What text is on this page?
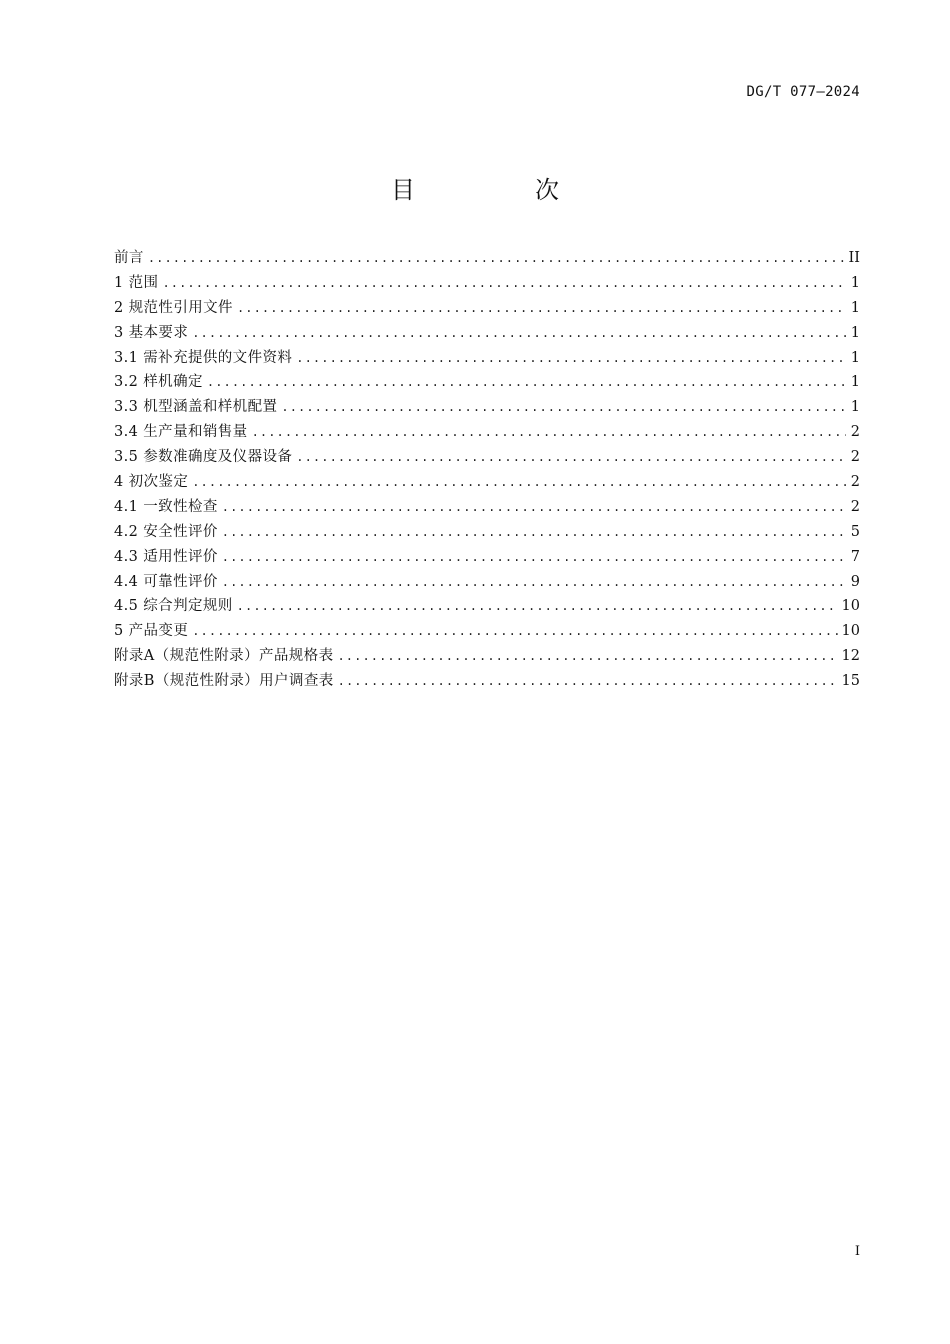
DG/T 077—2024
目　次
前言 .....	II
1 范围 .....	1
2 规范性引用文件 .....	1
3 基本要求 .....	1
3.1 需补充提供的文件资料 .....	1
3.2 样机确定 .....	1
3.3 机型涵盖和样机配置 .....	1
3.4 生产量和销售量 .....	2
3.5 参数准确度及仪器设备 .....	2
4 初次鉴定 .....	2
4.1 一致性检查 .....	2
4.2 安全性评价 .....	5
4.3 适用性评价 .....	7
4.4 可靠性评价 .....	9
4.5 综合判定规则 .....	10
5 产品变更 .....	10
附录A（规范性附录）产品规格表 .....	12
附录B（规范性附录）用户调查表 .....	15
I
